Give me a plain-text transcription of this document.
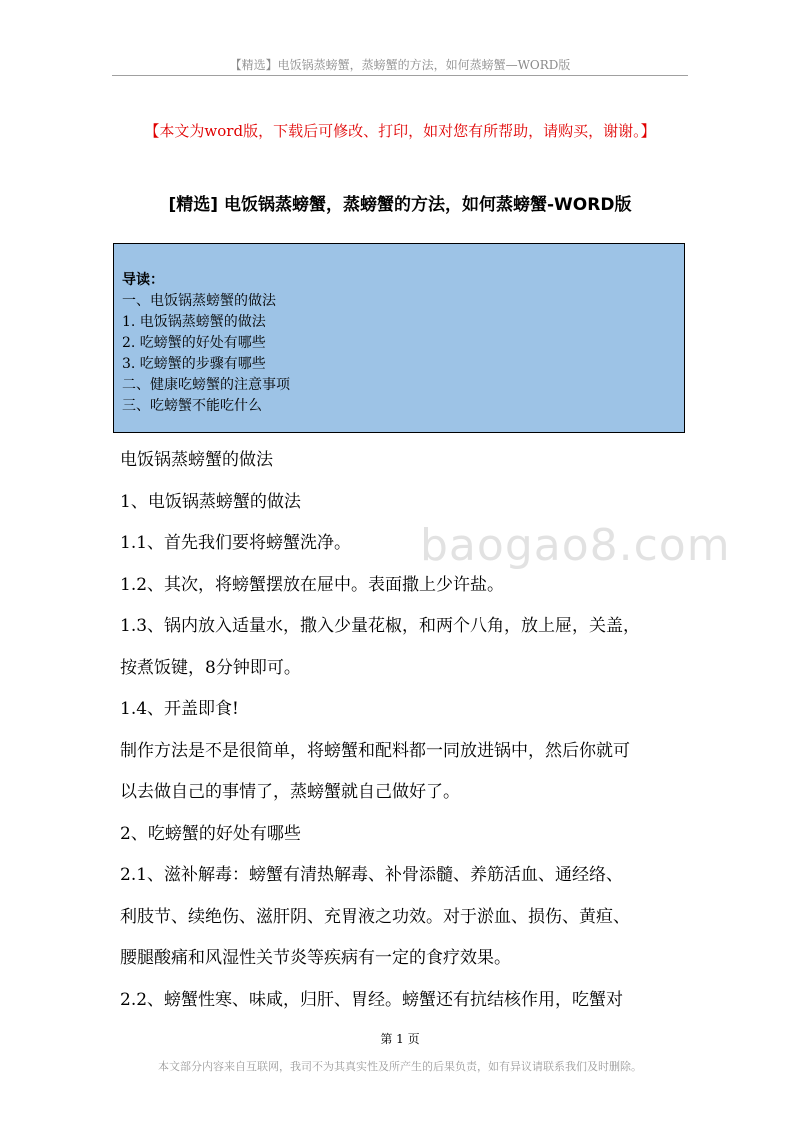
【精选】电饭锅蒸螃蟹，蒸螃蟹的方法，如何蒸螃蟹—WORD版
【本文为word版，下载后可修改、打印，如对您有所帮助，请购买，谢谢。】
[精选] 电饭锅蒸螃蟹，蒸螃蟹的方法，如何蒸螃蟹-WORD版
导读：
一、电饭锅蒸螃蟹的做法
1. 电饭锅蒸螃蟹的做法
2. 吃螃蟹的好处有哪些
3. 吃螃蟹的步骤有哪些
二、健康吃螃蟹的注意事项
三、吃螃蟹不能吃什么

电饭锅蒸螃蟹的做法

1、电饭锅蒸螃蟹的做法

1.1、首先我们要将螃蟹洗净。

1.2、其次，将螃蟹摆放在屉中。表面撒上少许盐。

1.3、锅内放入适量水，撒入少量花椒，和两个八角，放上屉，关盖，

按煮饭键，8分钟即可。

1.4、开盖即食!

制作方法是不是很简单，将螃蟹和配料都一同放进锅中，然后你就可

以去做自己的事情了，蒸螃蟹就自己做好了。

2、吃螃蟹的好处有哪些

2.1、滋补解毒：螃蟹有清热解毒、补骨添髓、养筋活血、通经络、

利肢节、续绝伤、滋肝阴、充胃液之功效。对于淤血、损伤、黄疸、

腰腿酸痛和风湿性关节炎等疾病有一定的食疗效果。

2.2、螃蟹性寒、味咸，归肝、胃经。螃蟹还有抗结核作用，吃蟹对

baogao8.com
第 1 页
本文部分内容来自互联网，我司不为其真实性及所产生的后果负责，如有异议请联系我们及时删除。
